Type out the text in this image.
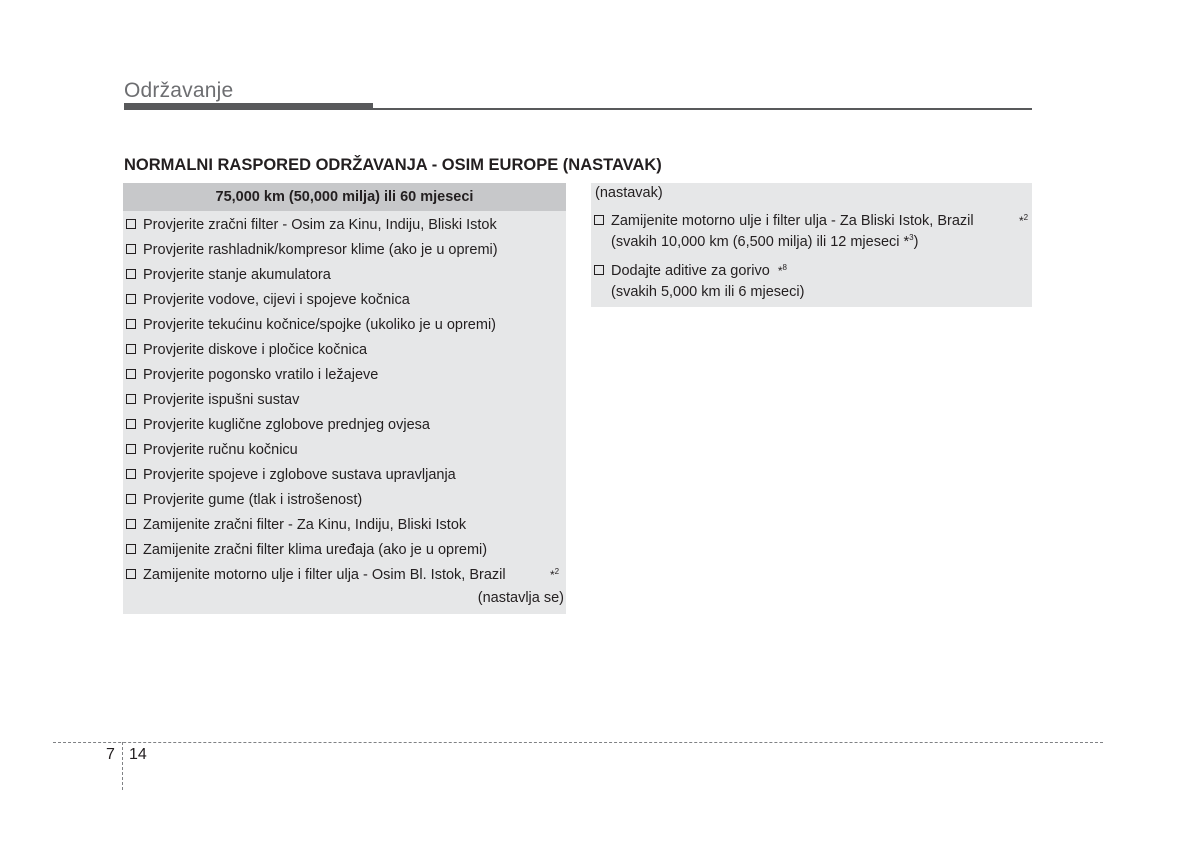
Održavanje
NORMALNI RASPORED ODRŽAVANJA - OSIM EUROPE (NASTAVAK)
75,000 km (50,000 milja) ili 60 mjeseci
Provjerite zračni filter - Osim za Kinu, Indiju, Bliski Istok
Provjerite rashladnik/kompresor klime (ako je u opremi)
Provjerite stanje akumulatora
Provjerite vodove, cijevi i spojeve kočnica
Provjerite tekućinu kočnice/spojke (ukoliko je u opremi)
Provjerite diskove i pločice kočnica
Provjerite pogonsko vratilo i ležajeve
Provjerite ispušni sustav
Provjerite kuglične zglobove prednjeg ovjesa
Provjerite ručnu kočnicu
Provjerite spojeve i zglobove sustava upravljanja
Provjerite gume (tlak i istrošenost)
Zamijenite zračni filter - Za Kinu, Indiju, Bliski Istok
Zamijenite zračni filter klima uređaja (ako je u opremi)
Zamijenite motorno ulje i filter ulja - Osim Bl. Istok, Brazil	*$^2$
(nastavlja se)
(nastavak)
Zamijenite motorno ulje i filter ulja - Za Bliski Istok, Brazil	*$^2$
(svakih 10,000 km (6,500 milja) ili 12 mjeseci *$^3$)
Dodajte aditive za gorivo *$^8$
(svakih 5,000 km ili 6 mjeseci)
7 14
